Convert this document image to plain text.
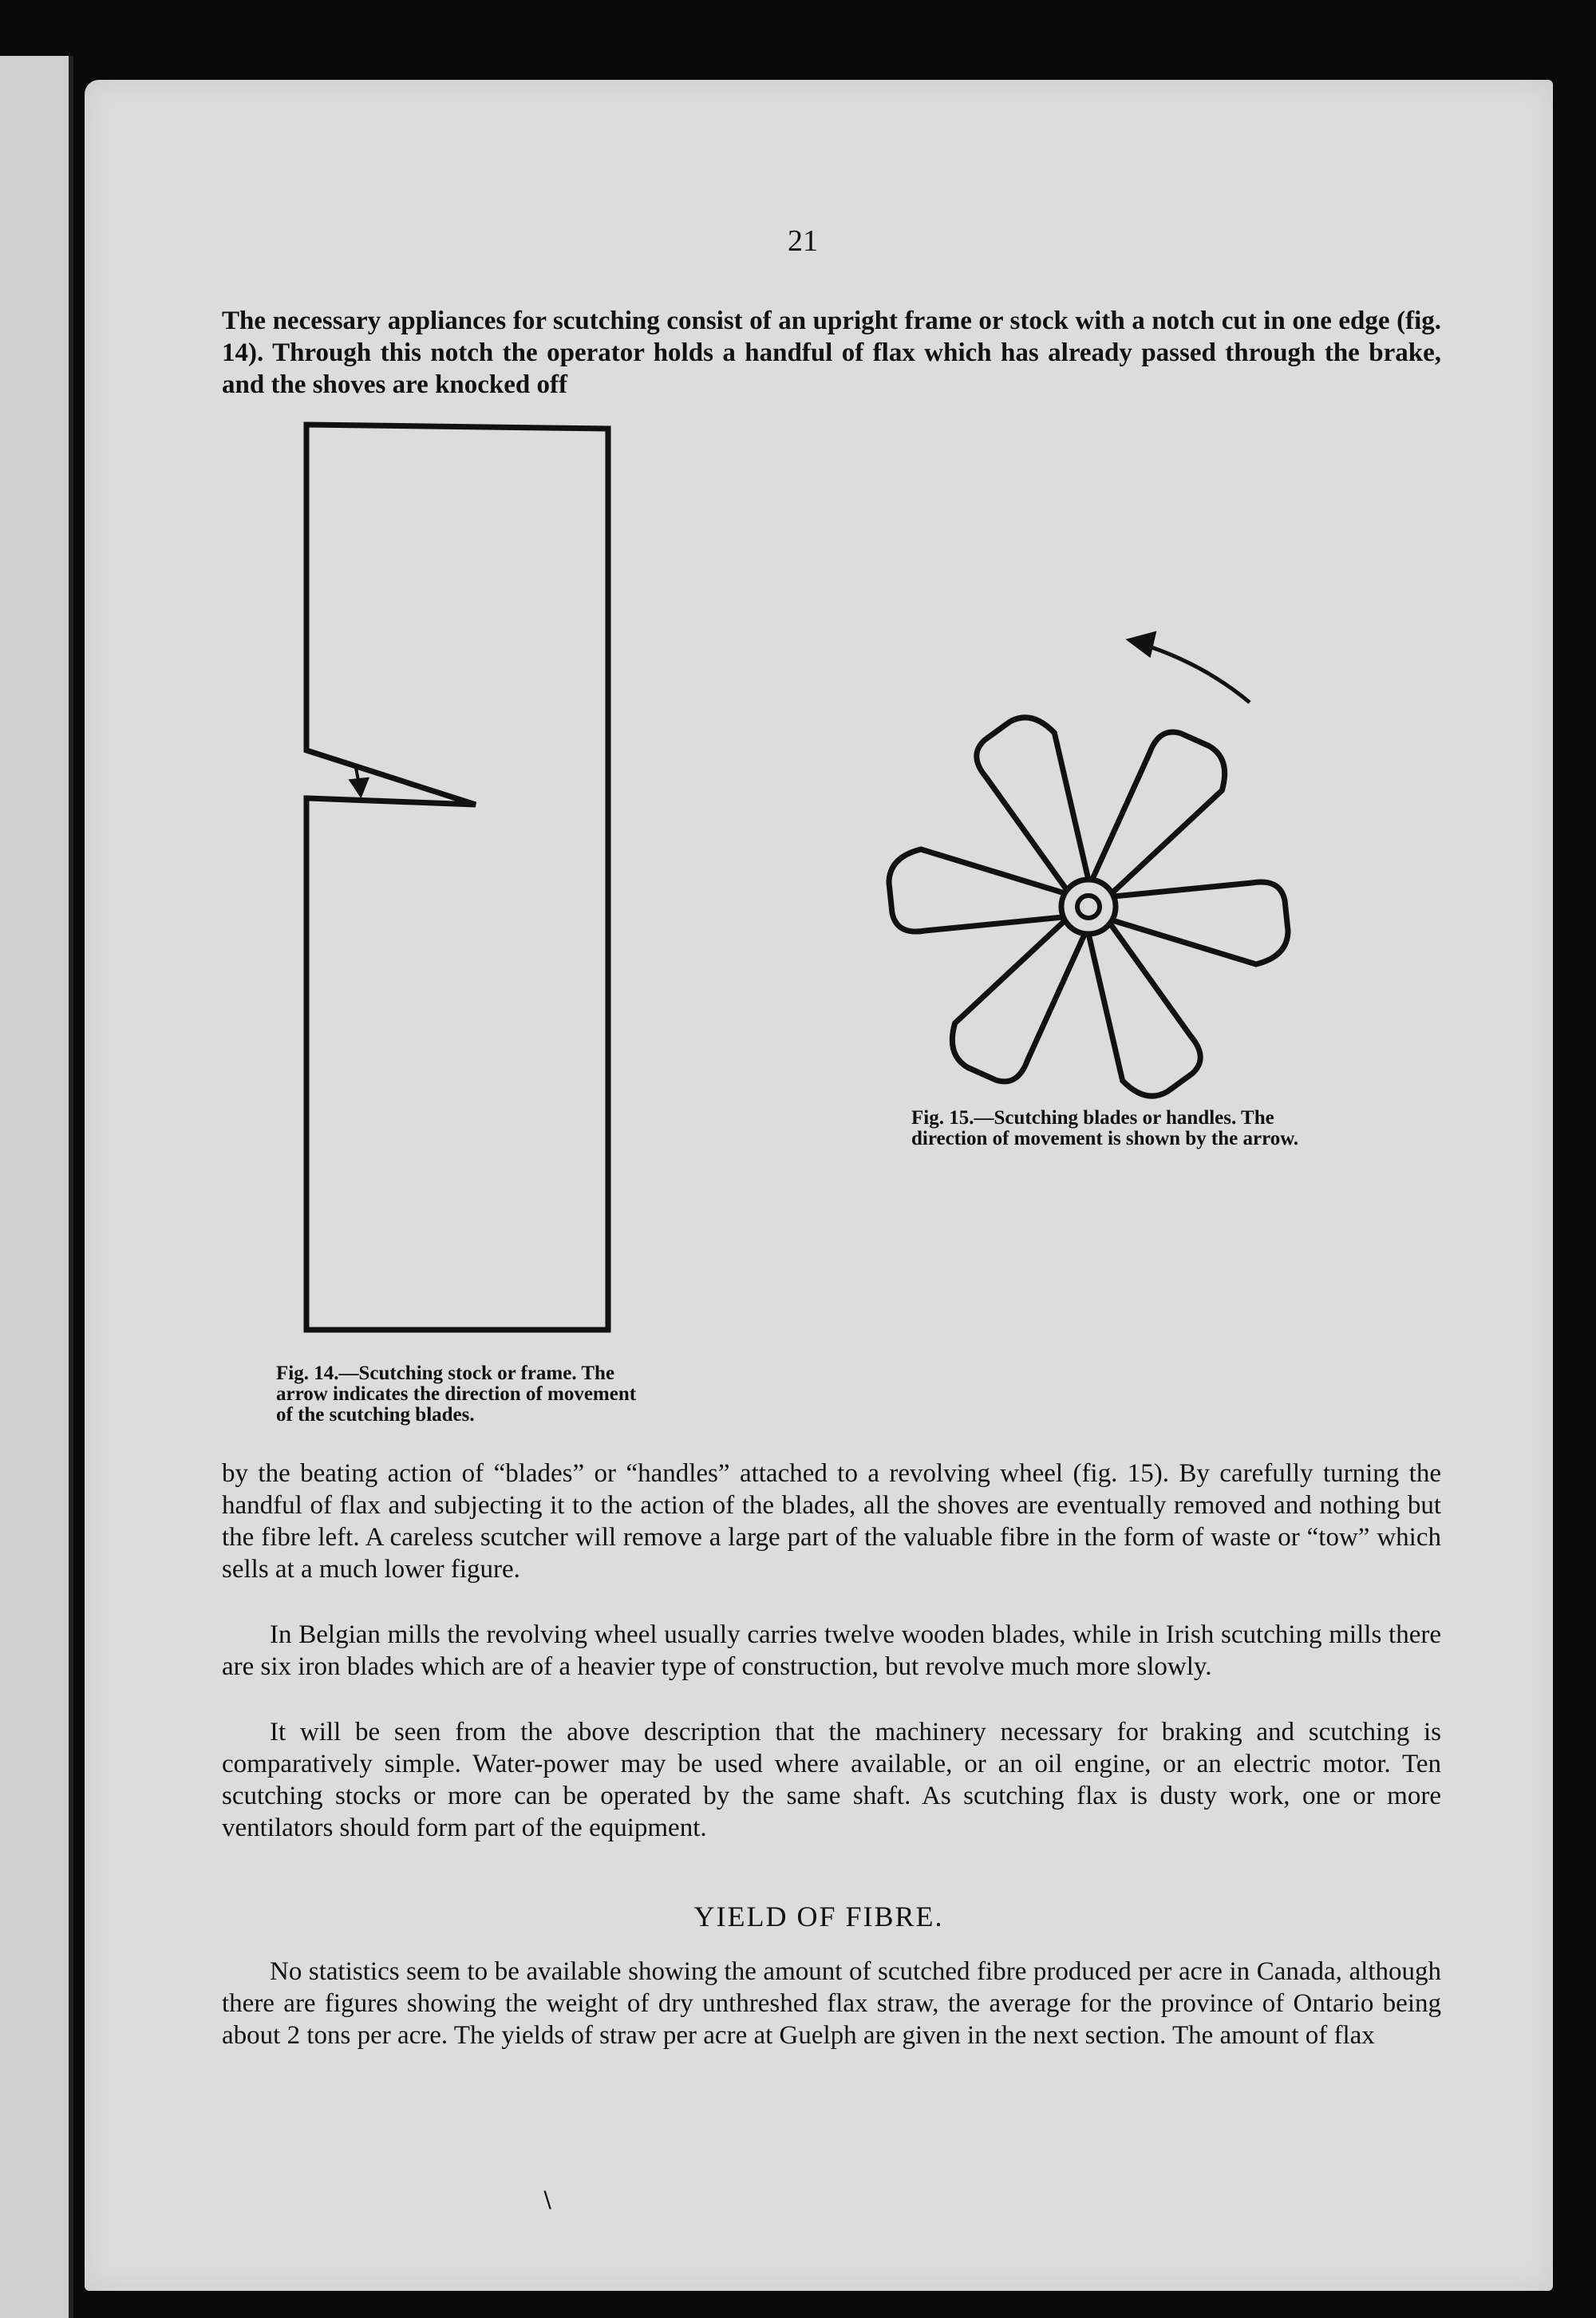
21

The necessary appliances for scutching consist of an upright frame or stock with a notch cut in one edge (fig. 14). Through this notch the operator holds a handful of flax which has already passed through the brake, and the shoves are knocked off

Fig. 15.—Scutching blades or handles. The direction of movement is shown by the arrow.

Fig. 14.—Scutching stock or frame. The arrow indicates the direction of movement of the scutching blades.

by the beating action of “blades” or “handles” attached to a revolving wheel (fig. 15). By carefully turning the handful of flax and subjecting it to the action of the blades, all the shoves are eventually removed and nothing but the fibre left. A careless scutcher will remove a large part of the valuable fibre in the form of waste or “tow” which sells at a much lower figure.

In Belgian mills the revolving wheel usually carries twelve wooden blades, while in Irish scutching mills there are six iron blades which are of a heavier type of construction, but revolve much more slowly.

It will be seen from the above description that the machinery necessary for braking and scutching is comparatively simple. Water-power may be used where available, or an oil engine, or an electric motor. Ten scutching stocks or more can be operated by the same shaft. As scutching flax is dusty work, one or more ventilators should form part of the equipment.

YIELD OF FIBRE.

No statistics seem to be available showing the amount of scutched fibre produced per acre in Canada, although there are figures showing the weight of dry unthreshed flax straw, the average for the province of Ontario being about 2 tons per acre. The yields of straw per acre at Guelph are given in the next section. The amount of flax

∖
